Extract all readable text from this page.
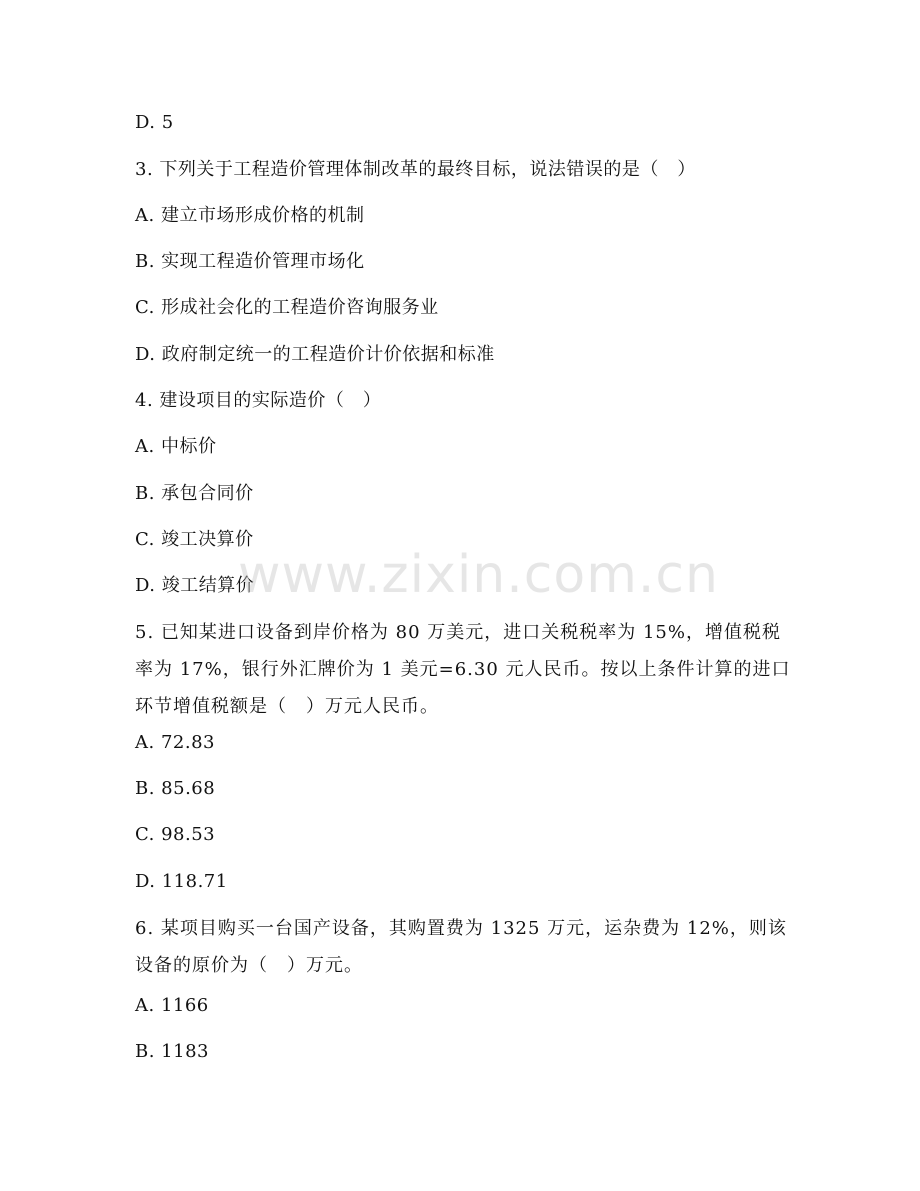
D. 5
3. 下列关于工程造价管理体制改革的最终目标，说法错误的是（　）
A. 建立市场形成价格的机制
B. 实现工程造价管理市场化
C. 形成社会化的工程造价咨询服务业
D. 政府制定统一的工程造价计价依据和标准
4. 建设项目的实际造价（　）
A. 中标价
B. 承包合同价
C. 竣工决算价
D. 竣工结算价
5. 已知某进口设备到岸价格为 80 万美元，进口关税税率为 15%，增值税税率为 17%，银行外汇牌价为 1 美元=6.30 元人民币。按以上条件计算的进口环节增值税额是（　）万元人民币。
A. 72.83
B. 85.68
C. 98.53
D. 118.71
6. 某项目购买一台国产设备，其购置费为 1325 万元，运杂费为 12%，则该设备的原价为（　）万元。
A. 1166
B. 1183
www.zixin.com.cn
